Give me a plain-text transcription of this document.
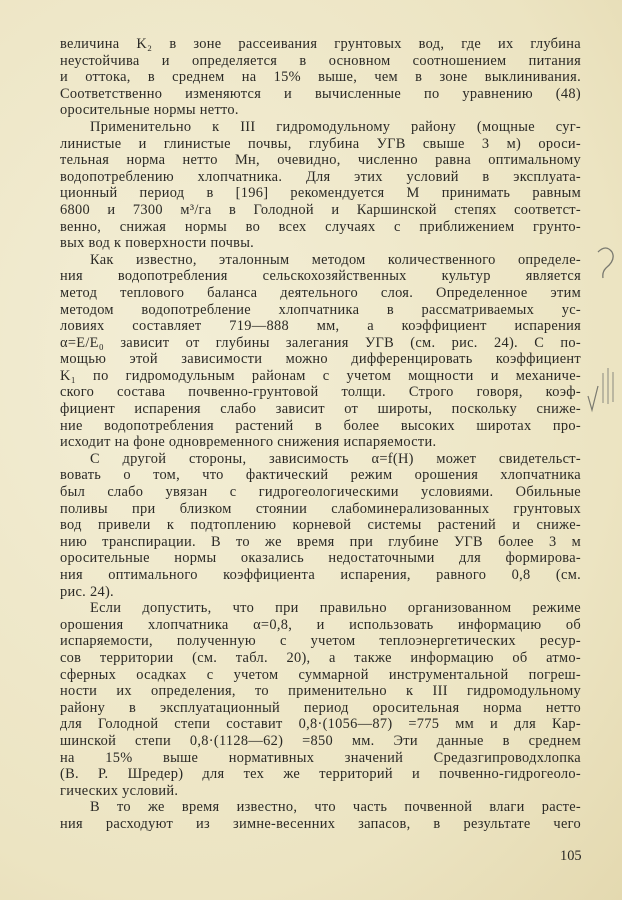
величина K₂ в зоне рассеивания грунтовых вод, где их глубина
неустойчива и определяется в основном соотношением питания
и оттока, в среднем на 15% выше, чем в зоне выклинивания.
Соответственно изменяются и вычисленные по уравнению (48)
оросительные нормы нетто.
Применительно к III гидромодульному району (мощные суг-
линистые и глинистые почвы, глубина УГВ свыше 3 м) ороси-
тельная норма нетто Mн, очевидно, численно равна оптимальному
водопотреблению хлопчатника. Для этих условий в эксплуата-
ционный период в [196] рекомендуется M принимать равным
6800 и 7300 м³/га в Голодной и Каршинской степях соответст-
венно, снижая нормы во всех случаях с приближением грунто-
вых вод к поверхности почвы.
Как известно, эталонным методом количественного определе-
ния водопотребления сельскохозяйственных культур является
метод теплового баланса деятельного слоя. Определенное этим
методом водопотребление хлопчатника в рассматриваемых ус-
ловиях составляет 719—888 мм, а коэффициент испарения
α=E/E₀ зависит от глубины залегания УГВ (см. рис. 24). С по-
мощью этой зависимости можно дифференцировать коэффициент
K₁ по гидромодульным районам с учетом мощности и механиче-
ского состава почвенно-грунтовой толщи. Строго говоря, коэф-
фициент испарения слабо зависит от широты, поскольку сниже-
ние водопотребления растений в более высоких широтах про-
исходит на фоне одновременного снижения испаряемости.
С другой стороны, зависимость α=f(H) может свидетельст-
вовать о том, что фактический режим орошения хлопчатника
был слабо увязан с гидрогеологическими условиями. Обильные
поливы при близком стоянии слабоминерализованных грунтовых
вод привели к подтоплению корневой системы растений и сниже-
нию транспирации. В то же время при глубине УГВ более 3 м
оросительные нормы оказались недостаточными для формирова-
ния оптимального коэффициента испарения, равного 0,8 (см.
рис. 24).
Если допустить, что при правильно организованном режиме
орошения хлопчатника α=0,8, и использовать информацию об
испаряемости, полученную с учетом теплоэнергетических ресур-
сов территории (см. табл. 20), а также информацию об атмо-
сферных осадках с учетом суммарной инструментальной погреш-
ности их определения, то применительно к III гидромодульному
району в эксплуатационный период оросительная норма нетто
для Голодной степи составит 0,8·(1056—87) =775 мм и для Кар-
шинской степи 0,8·(1128—62) =850 мм. Эти данные в среднем
на 15% выше нормативных значений Средазгипроводхлопка
(В. Р. Шредер) для тех же территорий и почвенно-гидрогеоло-
гических условий.
В то же время известно, что часть почвенной влаги расте-
ния расходуют из зимне-весенних запасов, в результате чего
105
